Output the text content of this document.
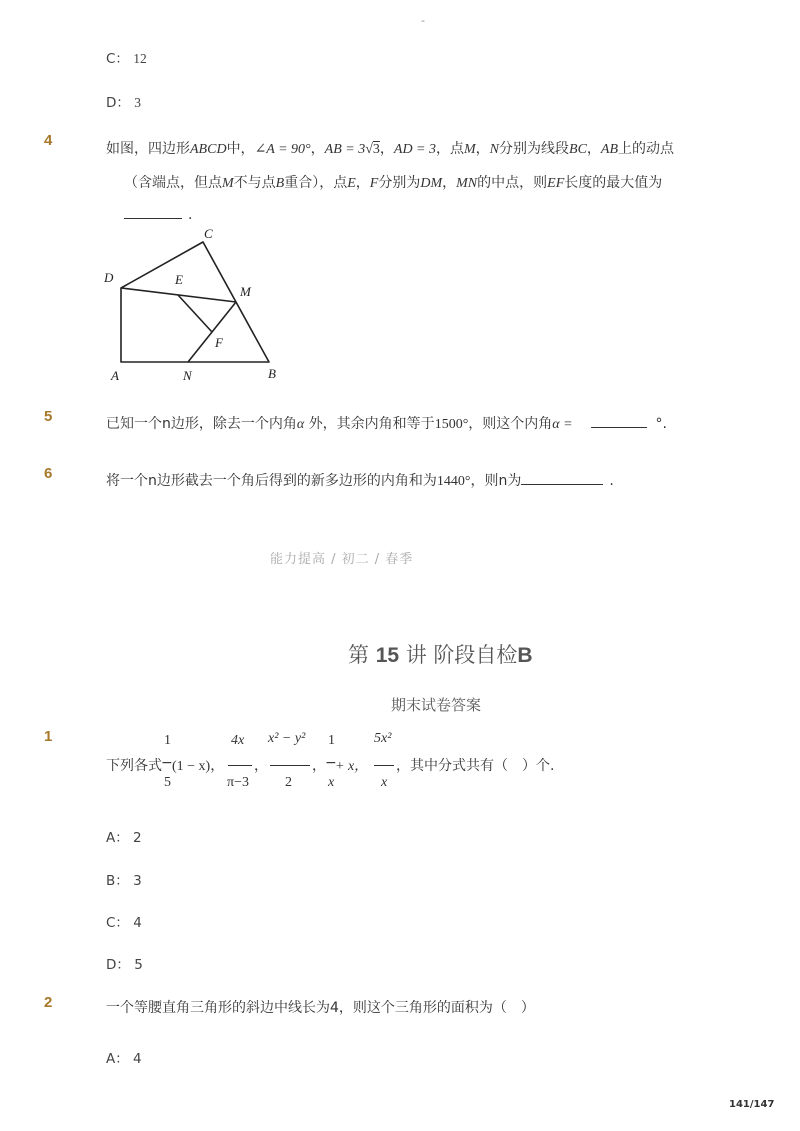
-
C： 12
D： 3
4	如图，四边形ABCD中，∠A = 90°，AB = 3√3，AD = 3，点M，N分别为线段BC，AB上的动点
（含端点，但点M不与点B重合），点E，F分别为DM，MN的中点，则EF长度的最大值为
.
C
D	E
M
F
A	N	B
5	已知一个n边形，除去一个内角α 外，其余内角和等于1500°，则这个内角α =	°.
6	将一个n边形截去一个角后得到的新多边形的内角和为1440°，则n为	.
能力提高 / 初二 / 春季
第 15 讲 阶段自检B
期末试卷答案
1
下列各式 −
1
5
(1 − x)，
4x
π−3
，
x² − y²
2
，
1
−
x
+ x，
5x²
x
，其中分式共有（　）个.
A： 2
B： 3
C： 4
D： 5
2	一个等腰直角三角形的斜边中线长为4，则这个三角形的面积为（　）
A： 4
141/147
